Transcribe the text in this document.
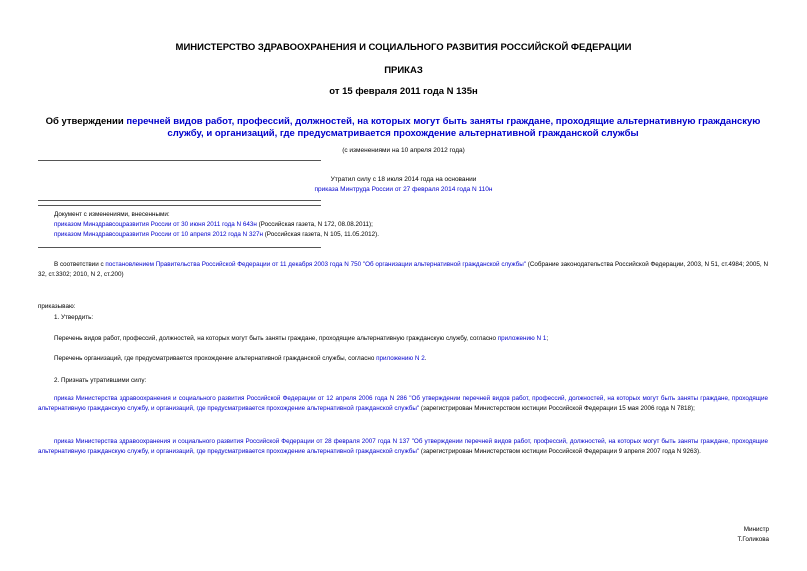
МИНИСТЕРСТВО ЗДРАВООХРАНЕНИЯ И СОЦИАЛЬНОГО РАЗВИТИЯ РОССИЙСКОЙ ФЕДЕРАЦИИ
ПРИКАЗ
от 15 февраля 2011 года N 135н
Об утверждении перечней видов работ, профессий, должностей, на которых могут быть заняты граждане, проходящие альтернативную гражданскую службу, и организаций, где предусматривается прохождение альтернативной гражданской службы
(с изменениями на 10 апреля 2012 года)
Утратил силу с 18 июля 2014 года на основании
приказа Минтруда России от 27 февраля 2014 года N 110н
Документ с изменениями, внесенными:
приказом Минздравсоцразвития России от 30 июня 2011 года N 643н (Российская газета, N 172, 08.08.2011);
приказом Минздравсоцразвития России от 10 апреля 2012 года N 327н (Российская газета, N 105, 11.05.2012).
В соответствии с постановлением Правительства Российской Федерации от 11 декабря 2003 года N 750 "Об организации альтернативной гражданской службы" (Собрание законодательства Российской Федерации, 2003, N 51, ст.4984; 2005, N 32, ст.3302; 2010, N 2, ст.200)
приказываю:
1. Утвердить:
Перечень видов работ, профессий, должностей, на которых могут быть заняты граждане, проходящие альтернативную гражданскую службу, согласно приложению N 1;
Перечень организаций, где предусматривается прохождение альтернативной гражданской службы, согласно приложению N 2.
2. Признать утратившими силу:
приказ Министерства здравоохранения и социального развития Российской Федерации от 12 апреля 2006 года N 286 "Об утверждении перечней видов работ, профессий, должностей, на которых могут быть заняты граждане, проходящие альтернативную гражданскую службу, и организаций, где предусматривается прохождение альтернативной гражданской службы" (зарегистрирован Министерством юстиции Российской Федерации 15 мая 2006 года N 7818);
приказ Министерства здравоохранения и социального развития Российской Федерации от 28 февраля 2007 года N 137 "Об утверждении перечней видов работ, профессий, должностей, на которых могут быть заняты граждане, проходящие альтернативную гражданскую службу, и организаций, где предусматривается прохождение альтернативной гражданской службы" (зарегистрирован Министерством юстиции Российской Федерации 9 апреля 2007 года N 9263).
Министр
Т.Голикова
